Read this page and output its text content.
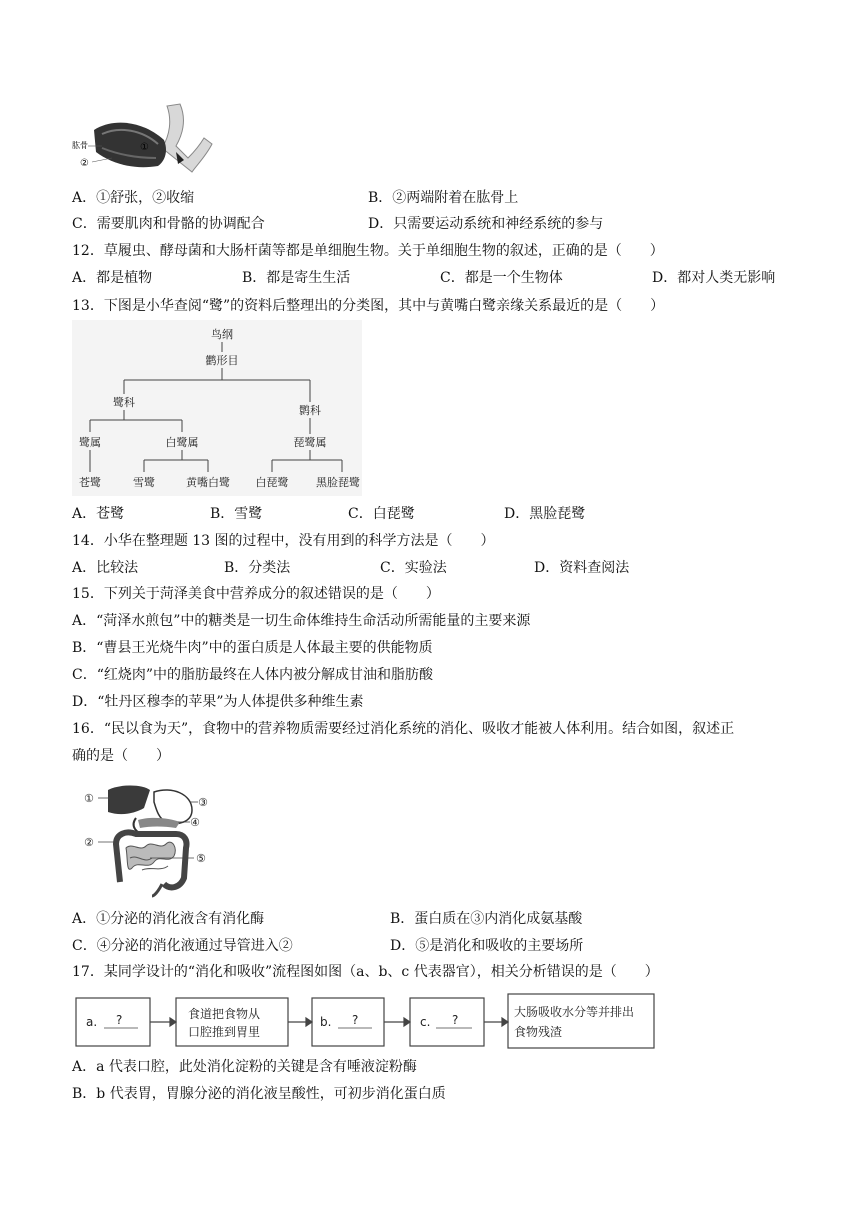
肱骨	①
②
A．①舒张，②收缩	B．②两端附着在肱骨上
C．需要肌肉和骨骼的协调配合	D．只需要运动系统和神经系统的参与
12．草履虫、酵母菌和大肠杆菌等都是单细胞生物。关于单细胞生物的叙述，正确的是（　　）
A．都是植物	B．都是寄生生活	C．都是一个生物体	D．都对人类无影响
13．下图是小华查阅“鹭”的资料后整理出的分类图，其中与黄嘴白鹭亲缘关系最近的是（　　）
鸟纲
鹳形目
鹭科
鹮科
鹭属	白鹭属	琵鹭属
苍鹭	雪鹭	黄嘴白鹭 白琵鹭	黑脸琵鹭
A．苍鹭	B．雪鹭	C．白琵鹭	D．黑脸琵鹭
14．小华在整理题 13 图的过程中，没有用到的科学方法是（　　）
A．比较法	B．分类法	C．实验法	D．资料查阅法
15．下列关于菏泽美食中营养成分的叙述错误的是（　　）
A．“菏泽水煎包”中的糖类是一切生命体维持生命活动所需能量的主要来源
B．“曹县王光烧牛肉”中的蛋白质是人体最主要的供能物质
C．“红烧肉”中的脂肪最终在人体内被分解成甘油和脂肪酸
D．“牡丹区穆李的苹果”为人体提供多种维生素
16．“民以食为天”，食物中的营养物质需要经过消化系统的消化、吸收才能被人体利用。结合如图，叙述正
确的是（　　）
①	③
④
②
⑤
A．①分泌的消化液含有消化酶	B．蛋白质在③内消化成氨基酸
C．④分泌的消化液通过导管进入②	D．⑤是消化和吸收的主要场所
17．某同学设计的“消化和吸收”流程图如图（a、b、c 代表器官），相关分析错误的是（　　）
a. ?	食道把食物从
口腔推到胃里
b. ?	c. ?
大肠吸收水分等并排出
食物残渣
A．a 代表口腔，此处消化淀粉的关键是含有唾液淀粉酶
B．b 代表胃，胃腺分泌的消化液呈酸性，可初步消化蛋白质
